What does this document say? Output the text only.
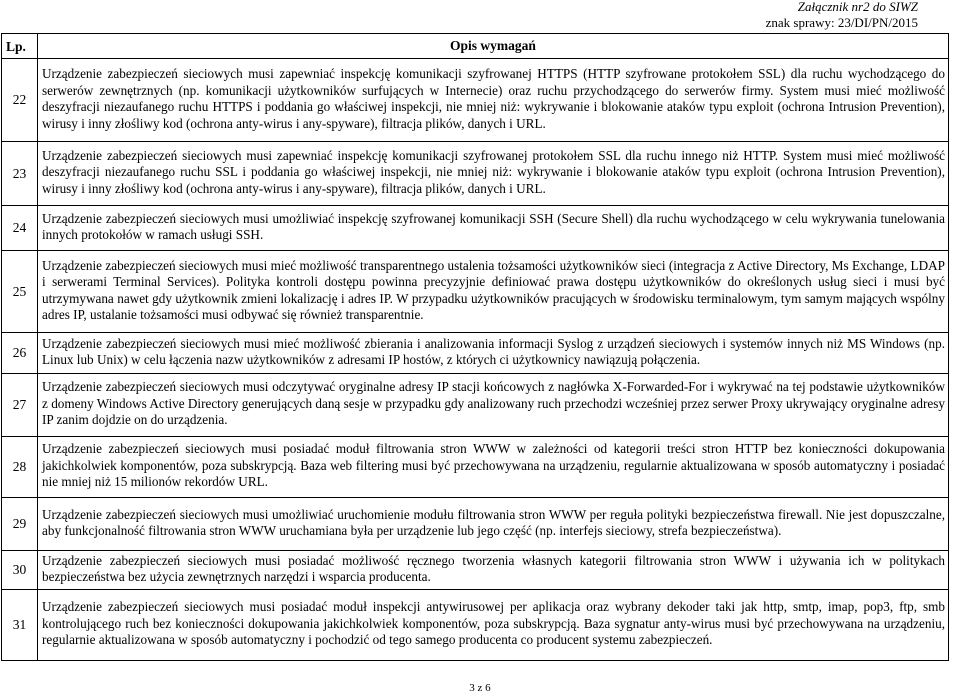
Załącznik nr2 do SIWZ
znak sprawy: 23/DI/PN/2015
Lp.	Opis wymagań
22	Urządzenie zabezpieczeń sieciowych musi zapewniać inspekcję komunikacji szyfrowanej HTTPS (HTTP szyfrowane protokołem SSL) dla ruchu wychodzącego do serwerów zewnętrznych (np. komunikacji użytkowników surfujących w Internecie) oraz ruchu przychodzącego do serwerów firmy. System musi mieć możliwość deszyfracji niezaufanego ruchu HTTPS i poddania go właściwej inspekcji, nie mniej niż: wykrywanie i blokowanie ataków typu exploit (ochrona Intrusion Prevention), wirusy i inny złośliwy kod (ochrona anty-wirus i any-spyware), filtracja plików, danych i URL.
23	Urządzenie zabezpieczeń sieciowych musi zapewniać inspekcję komunikacji szyfrowanej protokołem SSL dla ruchu innego niż HTTP. System musi mieć możliwość deszyfracji niezaufanego ruchu SSL i poddania go właściwej inspekcji, nie mniej niż: wykrywanie i blokowanie ataków typu exploit (ochrona Intrusion Prevention), wirusy i inny złośliwy kod (ochrona anty-wirus i any-spyware), filtracja plików, danych i URL.
24	Urządzenie zabezpieczeń sieciowych musi umożliwiać inspekcję szyfrowanej komunikacji SSH (Secure Shell) dla ruchu wychodzącego w celu wykrywania tunelowania innych protokołów w ramach usługi SSH.
25	Urządzenie zabezpieczeń sieciowych musi mieć możliwość transparentnego ustalenia tożsamości użytkowników sieci (integracja z Active Directory, Ms Exchange, LDAP i serwerami Terminal Services). Polityka kontroli dostępu powinna precyzyjnie definiować prawa dostępu użytkowników do określonych usług sieci i musi być utrzymywana nawet gdy użytkownik zmieni lokalizację i adres IP. W przypadku użytkowników pracujących w środowisku terminalowym, tym samym mających wspólny adres IP, ustalanie tożsamości musi odbywać się również transparentnie.
26	Urządzenie zabezpieczeń sieciowych musi mieć możliwość zbierania i analizowania informacji Syslog z urządzeń sieciowych i systemów innych niż MS Windows (np. Linux lub Unix) w celu łączenia nazw użytkowników z adresami IP hostów, z których ci użytkownicy nawiązują połączenia.
27	Urządzenie zabezpieczeń sieciowych musi odczytywać oryginalne adresy IP stacji końcowych z nagłówka X-Forwarded-For i wykrywać na tej podstawie użytkowników z domeny Windows Active Directory generujących daną sesje w przypadku gdy analizowany ruch przechodzi wcześniej przez serwer Proxy ukrywający oryginalne adresy IP zanim dojdzie on do urządzenia.
28	Urządzenie zabezpieczeń sieciowych musi posiadać moduł filtrowania stron WWW w zależności od kategorii treści stron HTTP bez konieczności dokupowania jakichkolwiek komponentów, poza subskrypcją. Baza web filtering musi być przechowywana na urządzeniu, regularnie aktualizowana w sposób automatyczny i posiadać nie mniej niż 15 milionów rekordów URL.
29	Urządzenie zabezpieczeń sieciowych musi umożliwiać uruchomienie modułu filtrowania stron WWW per reguła polityki bezpieczeństwa firewall. Nie jest dopuszczalne, aby funkcjonalność filtrowania stron WWW uruchamiana była per urządzenie lub jego część (np. interfejs sieciowy, strefa bezpieczeństwa).
30	Urządzenie zabezpieczeń sieciowych musi posiadać możliwość ręcznego tworzenia własnych kategorii filtrowania stron WWW i używania ich w politykach bezpieczeństwa bez użycia zewnętrznych narzędzi i wsparcia producenta.
31	Urządzenie zabezpieczeń sieciowych musi posiadać moduł inspekcji antywirusowej per aplikacja oraz wybrany dekoder taki jak http, smtp, imap, pop3, ftp, smb kontrolującego ruch bez konieczności dokupowania jakichkolwiek komponentów, poza subskrypcją. Baza sygnatur anty-wirus musi być przechowywana na urządzeniu, regularnie aktualizowana w sposób automatyczny i pochodzić od tego samego producenta co producent systemu zabezpieczeń.
3 z 6
